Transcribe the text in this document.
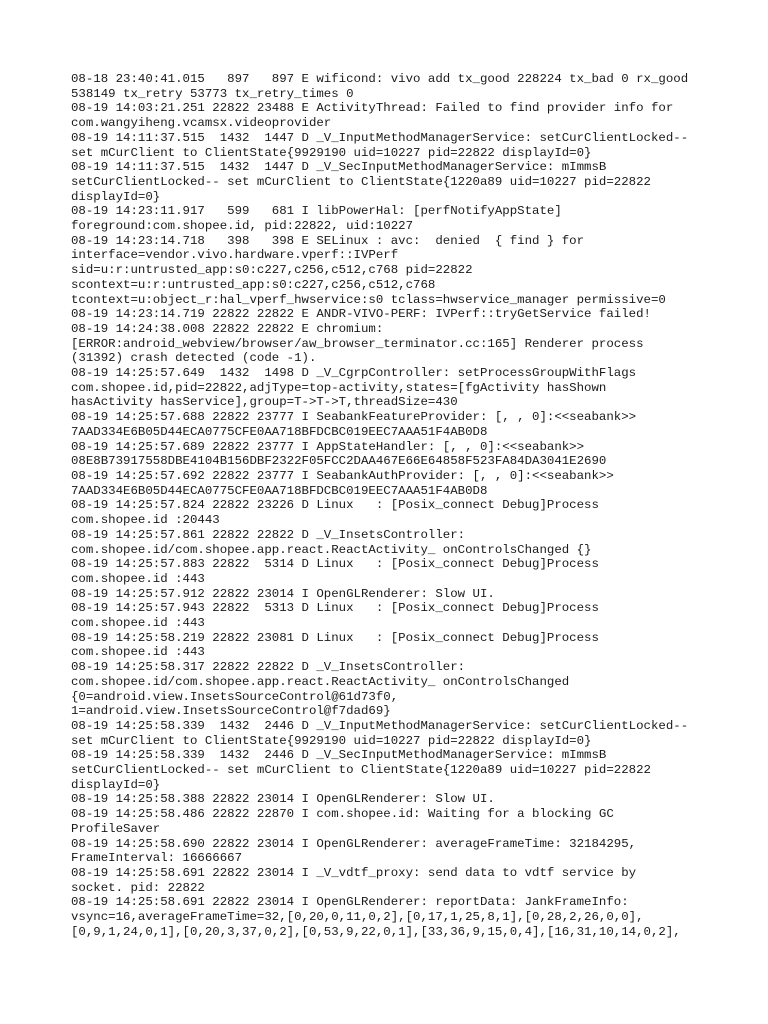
08-18 23:40:41.015   897   897 E wificond: vivo add tx_good 228224 tx_bad 0 rx_good
538149 tx_retry 53773 tx_retry_times 0
08-19 14:03:21.251 22822 23488 E ActivityThread: Failed to find provider info for
com.wangyiheng.vcamsx.videoprovider
08-19 14:11:37.515  1432  1447 D _V_InputMethodManagerService: setCurClientLocked--
set mCurClient to ClientState{9929190 uid=10227 pid=22822 displayId=0}
08-19 14:11:37.515  1432  1447 D _V_SecInputMethodManagerService: mImmsB
setCurClientLocked-- set mCurClient to ClientState{1220a89 uid=10227 pid=22822
displayId=0}
08-19 14:23:11.917   599   681 I libPowerHal: [perfNotifyAppState]
foreground:com.shopee.id, pid:22822, uid:10227
08-19 14:23:14.718   398   398 E SELinux : avc:  denied  { find } for
interface=vendor.vivo.hardware.vperf::IVPerf
sid=u:r:untrusted_app:s0:c227,c256,c512,c768 pid=22822
scontext=u:r:untrusted_app:s0:c227,c256,c512,c768
tcontext=u:object_r:hal_vperf_hwservice:s0 tclass=hwservice_manager permissive=0
08-19 14:23:14.719 22822 22822 E ANDR-VIVO-PERF: IVPerf::tryGetService failed!
08-19 14:24:38.008 22822 22822 E chromium:
[ERROR:android_webview/browser/aw_browser_terminator.cc:165] Renderer process
(31392) crash detected (code -1).
08-19 14:25:57.649  1432  1498 D _V_CgrpController: setProcessGroupWithFlags
com.shopee.id,pid=22822,adjType=top-activity,states=[fgActivity hasShown
hasActivity hasService],group=T->T->T,threadSize=430
08-19 14:25:57.688 22822 23777 I SeabankFeatureProvider: [, , 0]:<<seabank>>
7AAD334E6B05D44ECA0775CFE0AA718BFDCBC019EEC7AAA51F4AB0D8
08-19 14:25:57.689 22822 23777 I AppStateHandler: [, , 0]:<<seabank>>
08E8B73917558DBE4104B156DBF2322F05FCC2DAA467E66E64858F523FA84DA3041E2690
08-19 14:25:57.692 22822 23777 I SeabankAuthProvider: [, , 0]:<<seabank>>
7AAD334E6B05D44ECA0775CFE0AA718BFDCBC019EEC7AAA51F4AB0D8
08-19 14:25:57.824 22822 23226 D Linux   : [Posix_connect Debug]Process
com.shopee.id :20443
08-19 14:25:57.861 22822 22822 D _V_InsetsController:
com.shopee.id/com.shopee.app.react.ReactActivity_ onControlsChanged {}
08-19 14:25:57.883 22822  5314 D Linux   : [Posix_connect Debug]Process
com.shopee.id :443
08-19 14:25:57.912 22822 23014 I OpenGLRenderer: Slow UI.
08-19 14:25:57.943 22822  5313 D Linux   : [Posix_connect Debug]Process
com.shopee.id :443
08-19 14:25:58.219 22822 23081 D Linux   : [Posix_connect Debug]Process
com.shopee.id :443
08-19 14:25:58.317 22822 22822 D _V_InsetsController:
com.shopee.id/com.shopee.app.react.ReactActivity_ onControlsChanged
{0=android.view.InsetsSourceControl@61d73f0,
1=android.view.InsetsSourceControl@f7dad69}
08-19 14:25:58.339  1432  2446 D _V_InputMethodManagerService: setCurClientLocked--
set mCurClient to ClientState{9929190 uid=10227 pid=22822 displayId=0}
08-19 14:25:58.339  1432  2446 D _V_SecInputMethodManagerService: mImmsB
setCurClientLocked-- set mCurClient to ClientState{1220a89 uid=10227 pid=22822
displayId=0}
08-19 14:25:58.388 22822 23014 I OpenGLRenderer: Slow UI.
08-19 14:25:58.486 22822 22870 I com.shopee.id: Waiting for a blocking GC
ProfileSaver
08-19 14:25:58.690 22822 23014 I OpenGLRenderer: averageFrameTime: 32184295,
FrameInterval: 16666667
08-19 14:25:58.691 22822 23014 I _V_vdtf_proxy: send data to vdtf service by
socket. pid: 22822
08-19 14:25:58.691 22822 23014 I OpenGLRenderer: reportData: JankFrameInfo:
vsync=16,averageFrameTime=32,[0,20,0,11,0,2],[0,17,1,25,8,1],[0,28,2,26,0,0],
[0,9,1,24,0,1],[0,20,3,37,0,2],[0,53,9,22,0,1],[33,36,9,15,0,4],[16,31,10,14,0,2],
